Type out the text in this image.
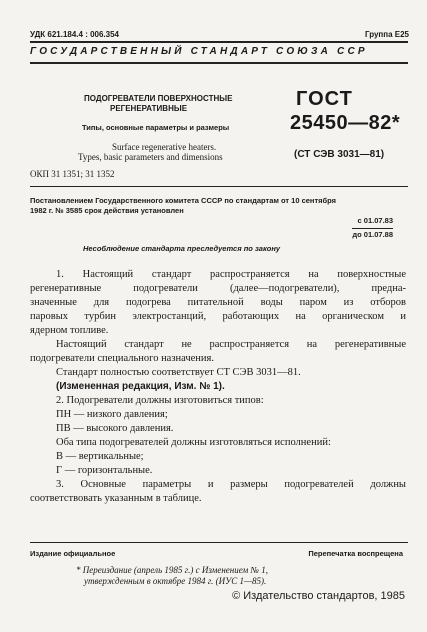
УДК 621.184.4 : 006.354	Группа Е25
ГОСУДАРСТВЕННЫЙ СТАНДАРТ СОЮЗА ССР
ПОДОГРЕВАТЕЛИ ПОВЕРХНОСТНЫЕ
РЕГЕНЕРАТИВНЫЕ
Типы, основные параметры и размеры
Surface regenerative heaters.
Types, basic parameters and dimensions
ГОСТ
25450—82*
(СТ СЭВ 3031—81)
ОКП 31 1351; 31 1352
Постановлением Государственного комитета СССР по стандартам от 10 сентября
1982 г. № 3585 срок действия установлен
с 01.07.83
до 01.07.88
Несоблюдение стандарта преследуется по закону

1. Настоящий стандарт распространяется на поверхностные

регенеративные подогреватели (далее—подогреватели), предна-

значенные для подогрева питательной воды паром из отборов

паровых турбин электростанций, работающих на органическом и

ядерном топливе.

Настоящий стандарт не распространяется на регенеративные

подогреватели специального назначения.

Стандарт полностью соответствует СТ СЭВ 3031—81.

(Измененная редакция, Изм. № 1).

2. Подогреватели должны изготовиться типов:

ПН — низкого давления;

ПВ — высокого давления.

Оба типа подогревателей должны изготовляться исполнений:

В — вертикальные;

Г — горизонтальные.

3. Основные параметры и размеры подогревателей должны

соответствовать указанным в таблице.

Издание официальное	Перепечатка воспрещена
* Переиздание (апрель 1985 г.) с Изменением № 1,
утвержденным в октябре 1984 г. (ИУС 1—85).
© Издательство стандартов, 1985
